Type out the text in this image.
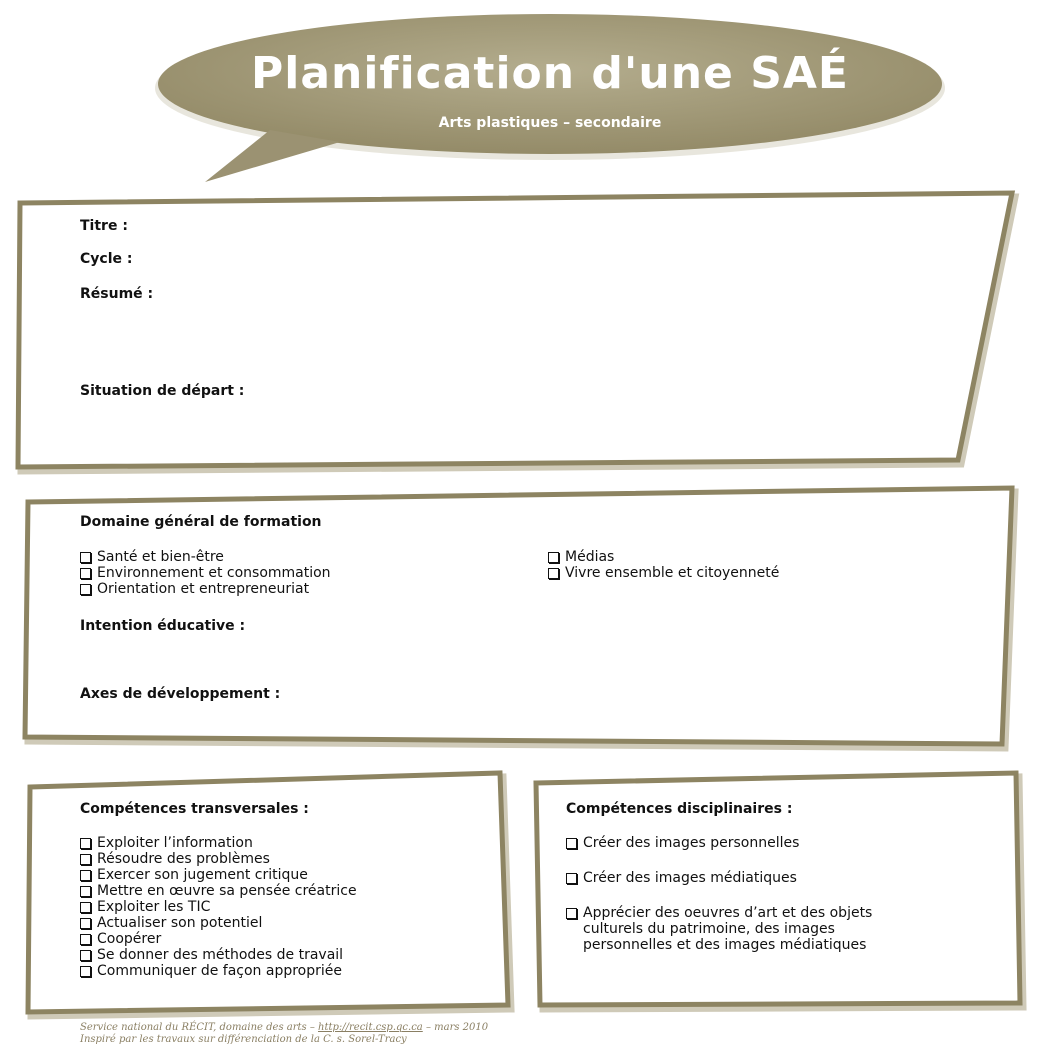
Planification d'une SAÉ
Arts plastiques – secondaire

Titre :

Cycle :

Résumé :

Situation de départ :

Domaine général de formation

Santé et bien-être
Environnement et consommation
Orientation et entrepreneuriat
Médias
Vivre ensemble et citoyenneté

Intention éducative :

Axes de développement :

Compétences transversales :

Exploiter l’information
Résoudre des problèmes
Exercer son jugement critique
Mettre en œuvre sa pensée créatrice
Exploiter les TIC
Actualiser son potentiel
Coopérer
Se donner des méthodes de travail
Communiquer de façon appropriée

Compétences disciplinaires :

Créer des images personnelles
Créer des images médiatiques
Apprécier des oeuvres d’art et des objets culturels du patrimoine, des images personnelles et des images médiatiques
Service national du RÉCIT, domaine des arts – http://recit.csp.qc.ca – mars 2010
Inspiré par les travaux sur différenciation de la C. s. Sorel-Tracy
